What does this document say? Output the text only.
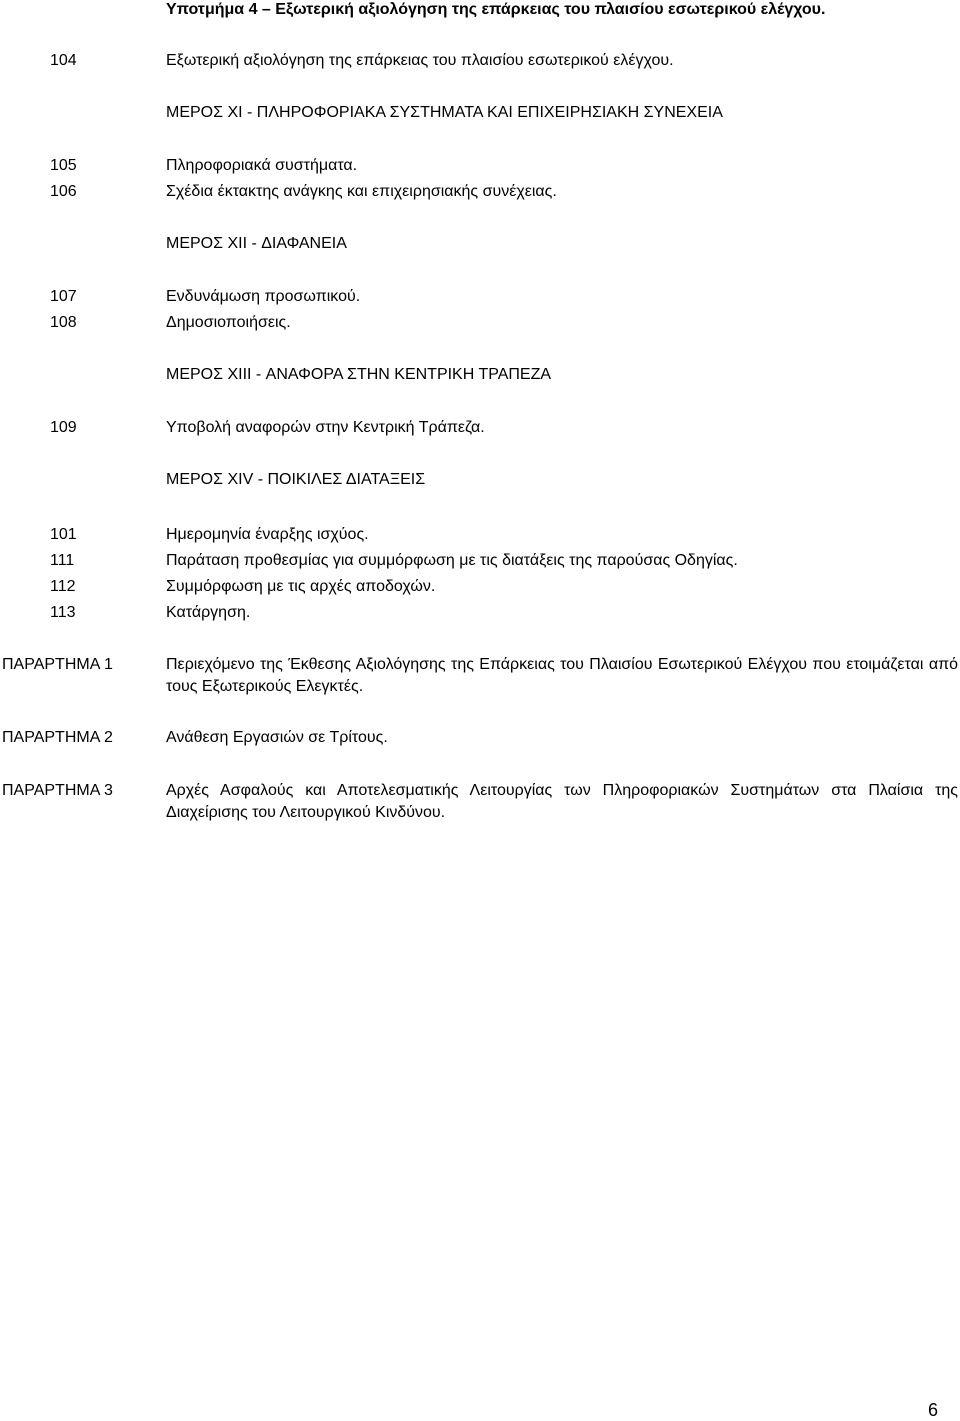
Υποτμήμα 4 – Εξωτερική αξιολόγηση της επάρκειας του πλαισίου εσωτερικού ελέγχου.
104	Εξωτερική αξιολόγηση της επάρκειας του πλαισίου εσωτερικού ελέγχου.
ΜΕΡΟΣ XI - ΠΛΗΡΟΦΟΡΙΑΚΑ ΣΥΣΤΗΜΑΤΑ ΚΑΙ ΕΠΙΧΕΙΡΗΣΙΑΚΗ ΣΥΝΕΧΕΙΑ
105	Πληροφοριακά συστήματα.
106	Σχέδια έκτακτης ανάγκης και επιχειρησιακής συνέχειας.
ΜΕΡΟΣ XII - ΔΙΑΦΑΝΕΙΑ
107	Ενδυνάμωση προσωπικού.
108	Δημοσιοποιήσεις.
ΜΕΡΟΣ XIII - ΑΝΑΦΟΡΑ ΣΤΗΝ ΚΕΝΤΡΙΚΗ ΤΡΑΠΕΖΑ
109	Υποβολή αναφορών στην Κεντρική Τράπεζα.
ΜΕΡΟΣ XIV - ΠΟΙΚΙΛΕΣ ΔΙΑΤΑΞΕΙΣ
101	Ημερομηνία έναρξης ισχύος.
111	Παράταση προθεσμίας για συμμόρφωση με τις διατάξεις της παρούσας Οδηγίας.
112	Συμμόρφωση με τις αρχές αποδοχών.
113	Κατάργηση.
ΠΑΡΑΡΤΗΜΑ 1	Περιεχόμενο της Έκθεσης Αξιολόγησης της Επάρκειας του Πλαισίου Εσωτερικού Ελέγχου που ετοιμάζεται από τους Εξωτερικούς Ελεγκτές.
ΠΑΡΑΡΤΗΜΑ 2	Ανάθεση Εργασιών σε Τρίτους.
ΠΑΡΑΡΤΗΜΑ 3	Αρχές Ασφαλούς και Αποτελεσματικής Λειτουργίας των Πληροφοριακών Συστημάτων στα Πλαίσια της Διαχείρισης του Λειτουργικού Κινδύνου.
6
